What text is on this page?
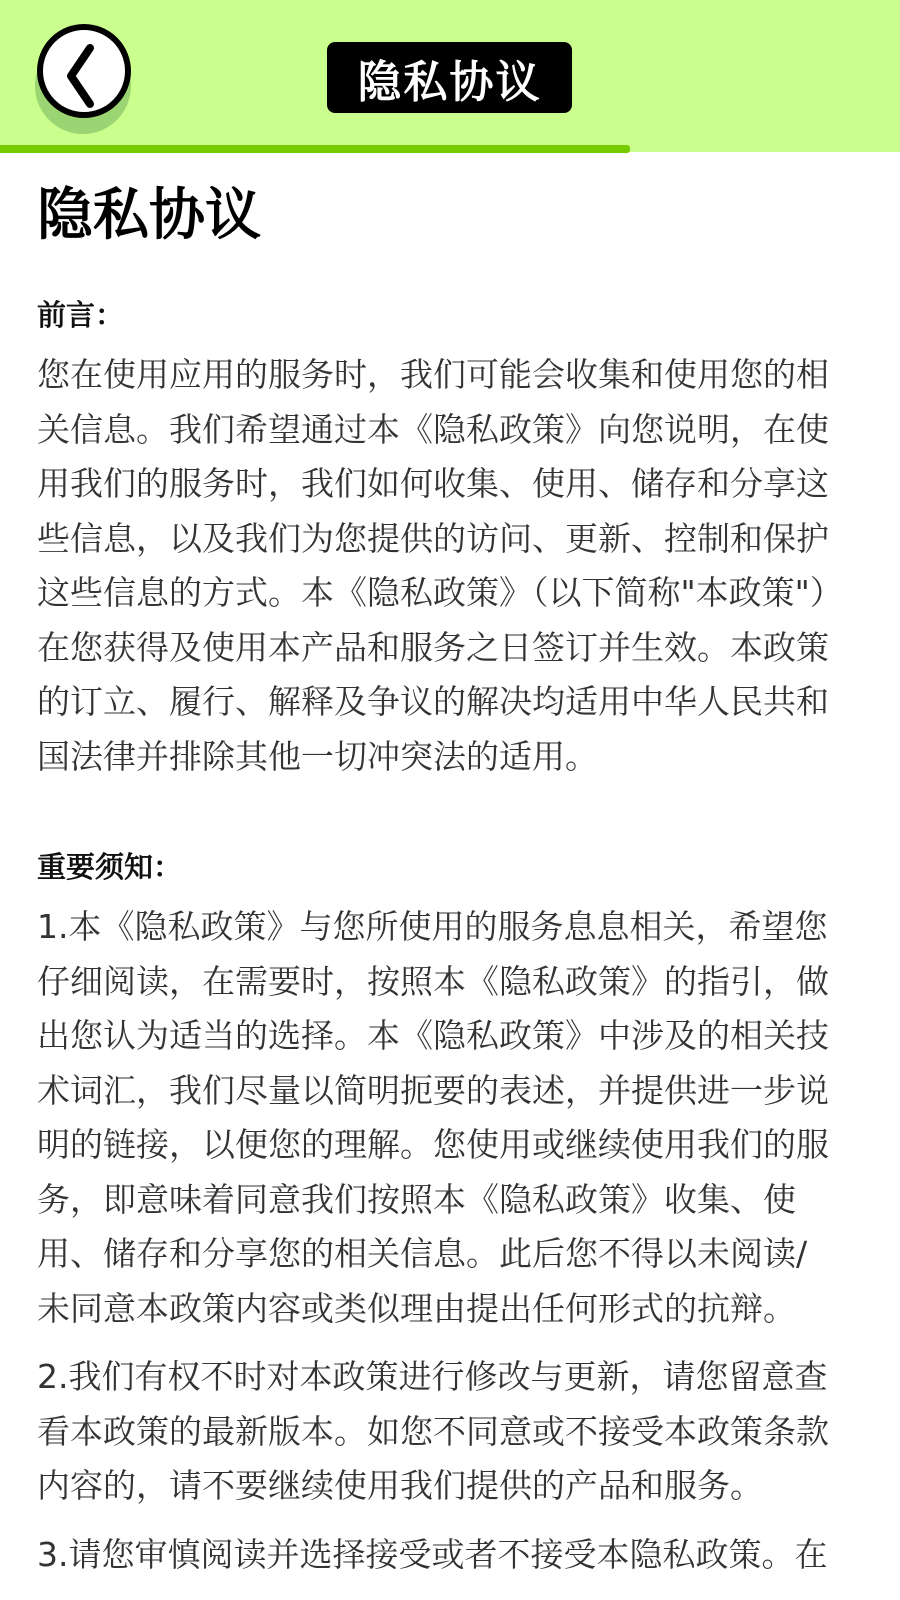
隐私协议
隐私协议
前言：

您在使用应用的服务时，我们可能会收集和使用您的相关信息。我们希望通过本《隐私政策》向您说明，在使用我们的服务时，我们如何收集、使用、储存和分享这些信息，以及我们为您提供的访问、更新、控制和保护这些信息的方式。本《隐私政策》（以下简称"本政策"）在您获得及使用本产品和服务之日签订并生效。本政策的订立、履行、解释及争议的解决均适用中华人民共和国法律并排除其他一切冲突法的适用。

重要须知：

1.本《隐私政策》与您所使用的服务息息相关，希望您仔细阅读，在需要时，按照本《隐私政策》的指引，做出您认为适当的选择。本《隐私政策》中涉及的相关技术词汇，我们尽量以简明扼要的表述，并提供进一步说明的链接，以便您的理解。您使用或继续使用我们的服务，即意味着同意我们按照本《隐私政策》收集、使用、储存和分享您的相关信息。此后您不得以未阅读/未同意本政策内容或类似理由提出任何形式的抗辩。

2.我们有权不时对本政策进行修改与更新，请您留意查看本政策的最新版本。如您不同意或不接受本政策条款内容的，请不要继续使用我们提供的产品和服务。

3.请您审慎阅读并选择接受或者不接受本隐私政策。在
